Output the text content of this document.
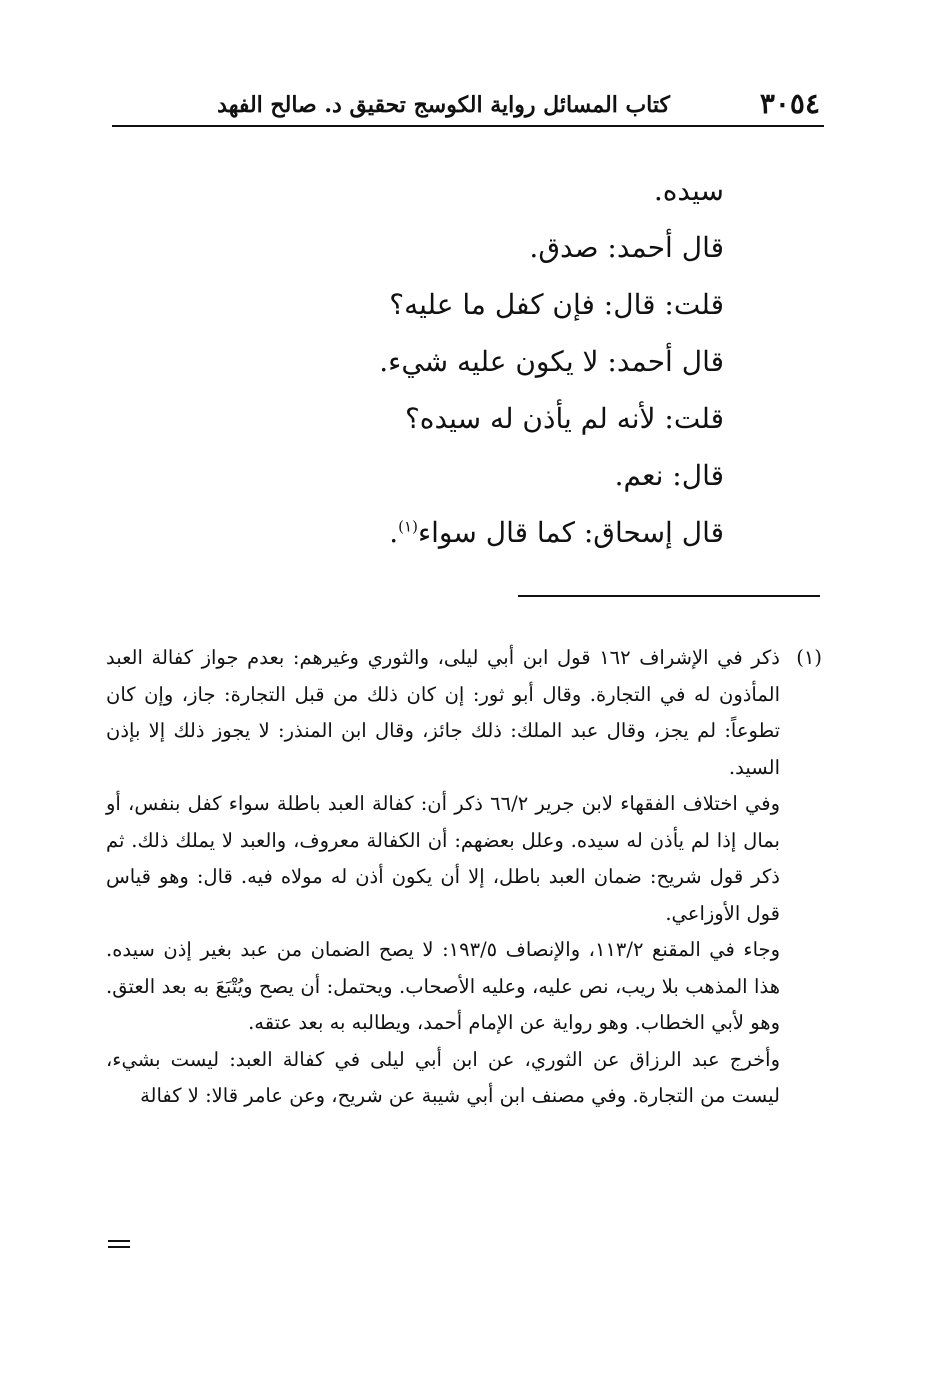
٣٠٥٤
كتاب المسائل رواية الكوسج تحقيق د. صالح الفهد
سيده.
قال أحمد: صدق.
قلت: قال: فإن كفل ما عليه؟
قال أحمد: لا يكون عليه شيء.
قلت: لأنه لم يأذن له سيده؟
قال: نعم.
قال إسحاق: كما قال سواء$^{(١)}$.

(١)
ذكر في الإشراف ١٦٢ قول ابن أبي ليلى، والثوري وغيرهم: بعدم جواز كفالة العبد المأذون له في التجارة. وقال أبو ثور: إن كان ذلك من قبل التجارة: جاز، وإن كان تطوعاً: لم يجز، وقال عبد الملك: ذلك جائز، وقال ابن المنذر: لا يجوز ذلك إلا بإذن السيد.

وفي اختلاف الفقهاء لابن جرير ٦٦/٢ ذكر أن: كفالة العبد باطلة سواء كفل بنفس، أو بمال إذا لم يأذن له سيده. وعلل بعضهم: أن الكفالة معروف، والعبد لا يملك ذلك. ثم ذكر قول شريح: ضمان العبد باطل، إلا أن يكون أذن له مولاه فيه. قال: وهو قياس قول الأوزاعي.

وجاء في المقنع ١١٣/٢، والإنصاف ١٩٣/٥: لا يصح الضمان من عبد بغير إذن سيده. هذا المذهب بلا ريب، نص عليه، وعليه الأصحاب. ويحتمل: أن يصح ويُتْبَعَ به بعد العتق. وهو لأبي الخطاب. وهو رواية عن الإمام أحمد، ويطالبه به بعد عتقه.

وأخرج عبد الرزاق عن الثوري، عن ابن أبي ليلى في كفالة العبد: ليست بشيء، ليست من التجارة. وفي مصنف ابن أبي شيبة عن شريح، وعن عامر قالا: لا كفالة
